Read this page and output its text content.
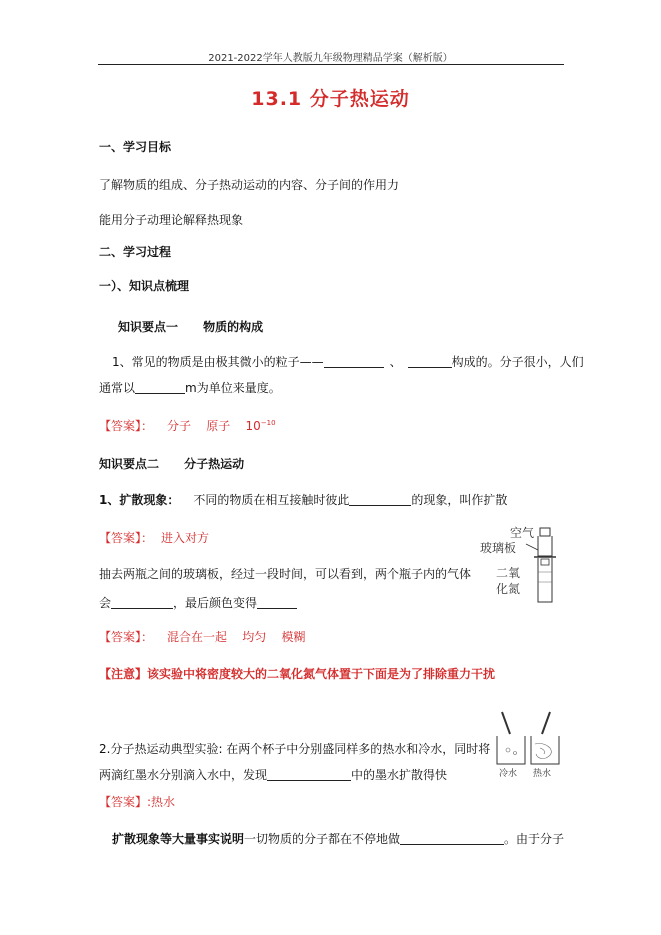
2021-2022学年人教版九年级物理精品学案（解析版）
13.1 分子热运动
一、学习目标
了解物质的组成、分子热动运动的内容、分子间的作用力
能用分子动理论解释热现象
二、学习过程
一）、知识点梳理
知识要点一      物质的构成
1、常见的物质是由极其微小的粒子——	、	构成的。分子很小，人们
通常以	m为单位来量度。
【答案】： 分子    原子    $10^{-10}$
知识要点二      分子热运动
1、扩散现象： 不同的物质在相互接触时彼此	的现象，叫作扩散
【答案】： 进入对方
抽去两瓶之间的玻璃板，经过一段时间，可以看到，两个瓶子内的气体
会	，最后颜色变得
【答案】： 混合在一起    均匀    模糊
【注意】该实验中将密度较大的二氧化氮气体置于下面是为了排除重力干扰
空气
玻璃板
二氧
化氮
2.分子热运动典型实验: 在两个杯子中分别盛同样多的热水和冷水，同时将
两滴红墨水分别滴入水中，发现	中的墨水扩散得快
【答案】:热水
冷水 热水
扩散现象等大量事实说明一切物质的分子都在不停地做	。由于分子
